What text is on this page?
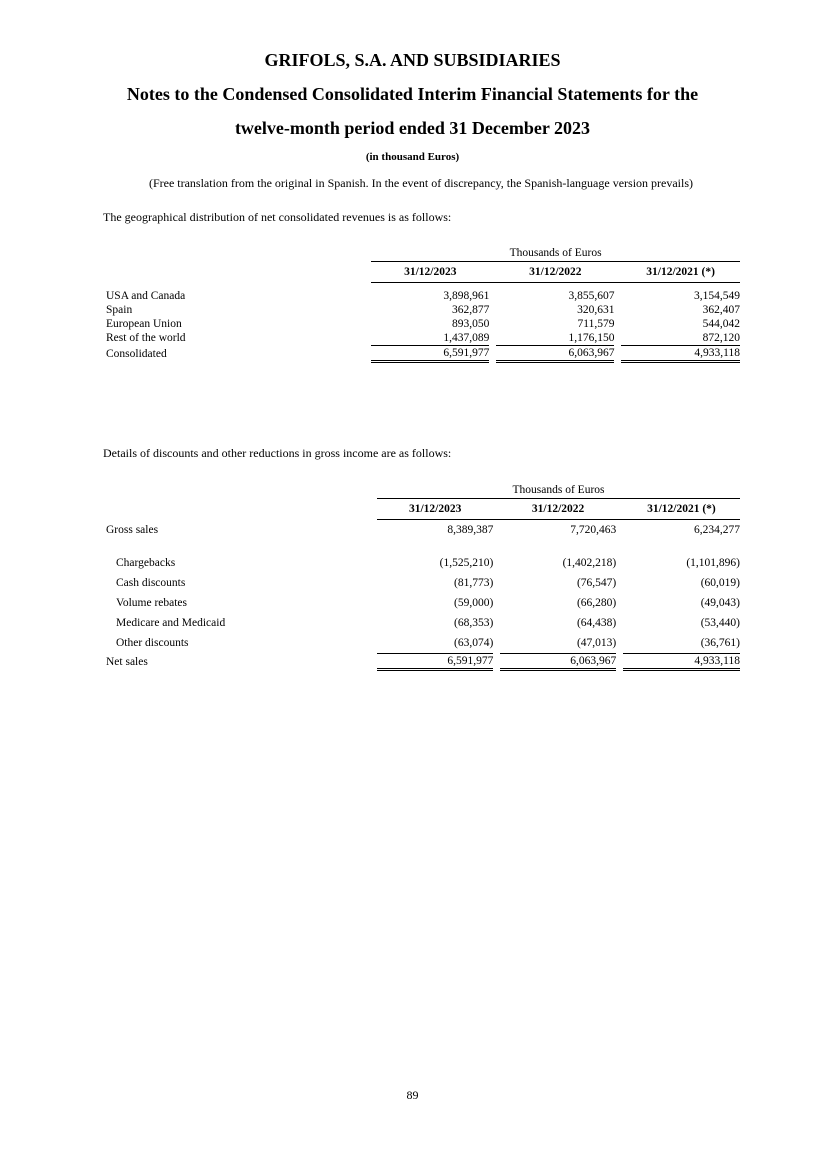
GRIFOLS, S.A. AND SUBSIDIARIES
Notes to the Condensed Consolidated Interim Financial Statements for the
twelve-month period ended 31 December 2023
(in thousand Euros)
(Free translation from the original in Spanish. In the event of discrepancy, the Spanish-language version prevails)
The geographical distribution of net consolidated revenues is as follows:
	Thousands of Euros				
	31/12/2023		31/12/2022		31/12/2021 (*)

USA and Canada	3,898,961		3,855,607		3,154,549
Spain	362,877		320,631		362,407
European Union	893,050		711,579		544,042
Rest of the world	1,437,089		1,176,150		872,120
Consolidated	6,591,977		6,063,967		4,933,118
Details of discounts and other reductions in gross income are as follows:
	Thousands of Euros				
	31/12/2023		31/12/2022		31/12/2021 (*)
Gross sales	8,389,387		7,720,463		6,234,277

Chargebacks	(1,525,210)		(1,402,218)		(1,101,896)
Cash discounts	(81,773)		(76,547)		(60,019)
Volume rebates	(59,000)		(66,280)		(49,043)
Medicare and Medicaid	(68,353)		(64,438)		(53,440)
Other discounts	(63,074)		(47,013)		(36,761)
Net sales	6,591,977		6,063,967		4,933,118
89
